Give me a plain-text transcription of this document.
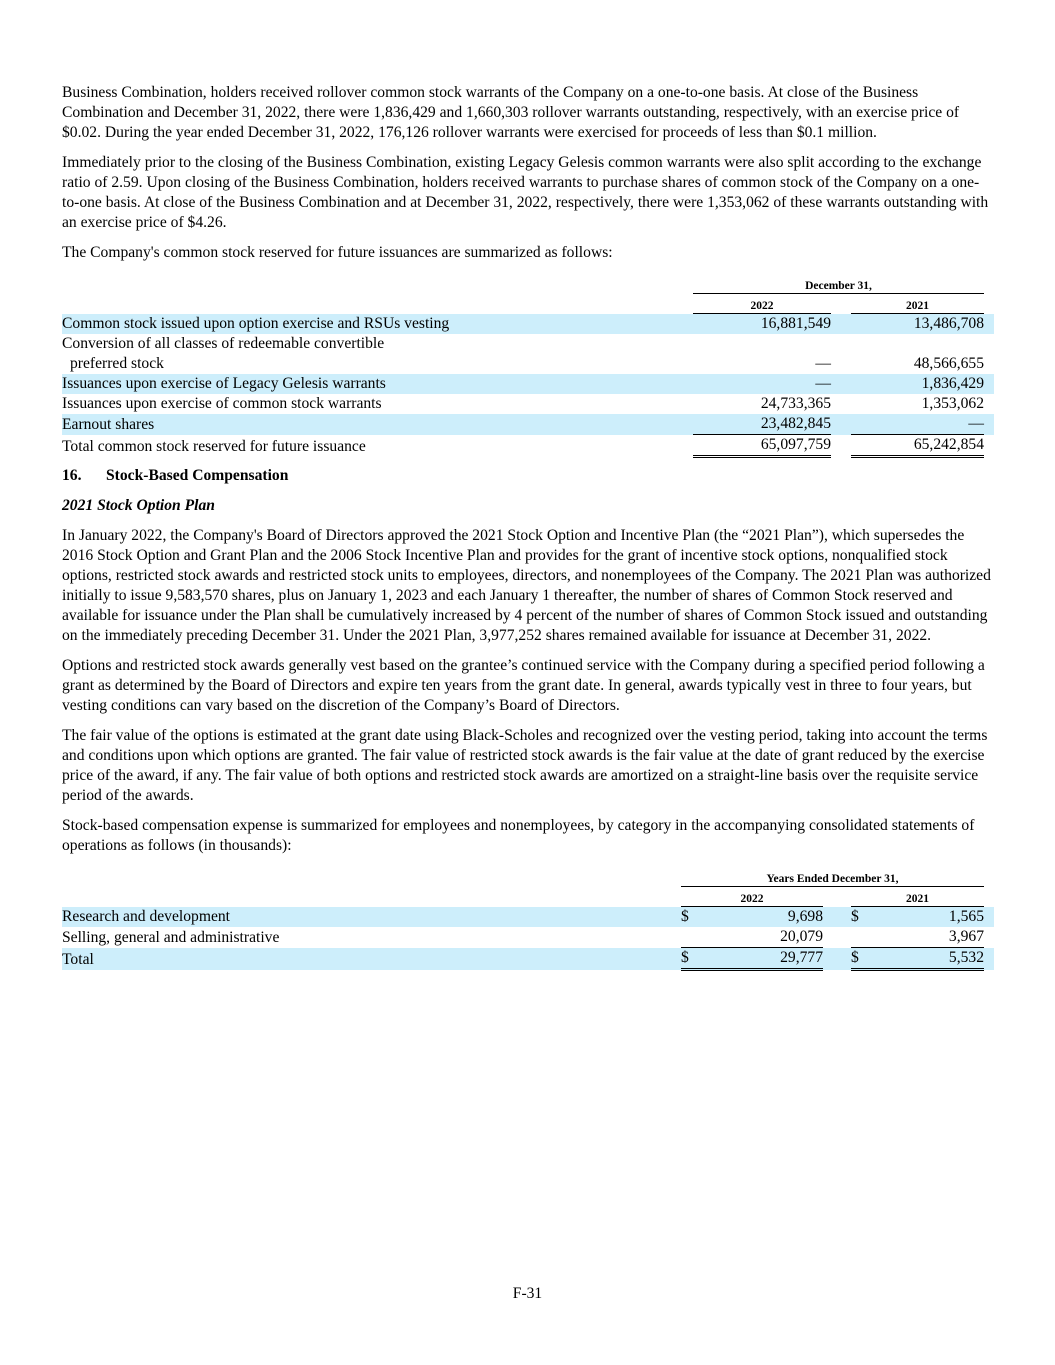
Business Combination, holders received rollover common stock warrants of the Company on a one-to-one basis. At close of the Business Combination and December 31, 2022, there were 1,836,429 and 1,660,303 rollover warrants outstanding, respectively, with an exercise price of $0.02. During the year ended December 31, 2022, 176,126 rollover warrants were exercised for proceeds of less than $0.1 million.

Immediately prior to the closing of the Business Combination, existing Legacy Gelesis common warrants were also split according to the exchange ratio of 2.59. Upon closing of the Business Combination, holders received warrants to purchase shares of common stock of the Company on a one-to-one basis. At close of the Business Combination and at December 31, 2022, respectively, there were 1,353,062 of these warrants outstanding with an exercise price of $4.26.

The Company's common stock reserved for future issuances are summarized as follows:

	December 31,			
	2022		2021	
Common stock issued upon option exercise and RSUs vesting	16,881,549		13,486,708	
Conversion of all classes of redeemable convertible				
preferred stock	—		48,566,655	
Issuances upon exercise of Legacy Gelesis warrants	—		1,836,429	
Issuances upon exercise of common stock warrants	24,733,365		1,353,062	
Earnout shares	23,482,845		—	
Total common stock reserved for future issuance	65,097,759		65,242,854	
16. Stock-Based Compensation
2021 Stock Option Plan

In January 2022, the Company's Board of Directors approved the 2021 Stock Option and Incentive Plan (the “2021 Plan”), which supersedes the 2016 Stock Option and Grant Plan and the 2006 Stock Incentive Plan and provides for the grant of incentive stock options, nonqualified stock options, restricted stock awards and restricted stock units to employees, directors, and nonemployees of the Company. The 2021 Plan was authorized initially to issue 9,583,570 shares, plus on January 1, 2023 and each January 1 thereafter, the number of shares of Common Stock reserved and available for issuance under the Plan shall be cumulatively increased by 4 percent of the number of shares of Common Stock issued and outstanding on the immediately preceding December 31. Under the 2021 Plan, 3,977,252 shares remained available for issuance at December 31, 2022.

Options and restricted stock awards generally vest based on the grantee’s continued service with the Company during a specified period following a grant as determined by the Board of Directors and expire ten years from the grant date. In general, awards typically vest in three to four years, but vesting conditions can vary based on the discretion of the Company’s Board of Directors.

The fair value of the options is estimated at the grant date using Black-Scholes and recognized over the vesting period, taking into account the terms and conditions upon which options are granted. The fair value of restricted stock awards is the fair value at the date of grant reduced by the exercise price of the award, if any. The fair value of both options and restricted stock awards are amortized on a straight-line basis over the requisite service period of the awards.

Stock-based compensation expense is summarized for employees and nonemployees, by category in the accompanying consolidated statements of operations as follows (in thousands):

	Years Ended December 31,					
	2022			2021		
Research and development	$	9,698		$	1,565	
Selling, general and administrative		20,079			3,967	
Total	$	29,777		$	5,532	
F-31
